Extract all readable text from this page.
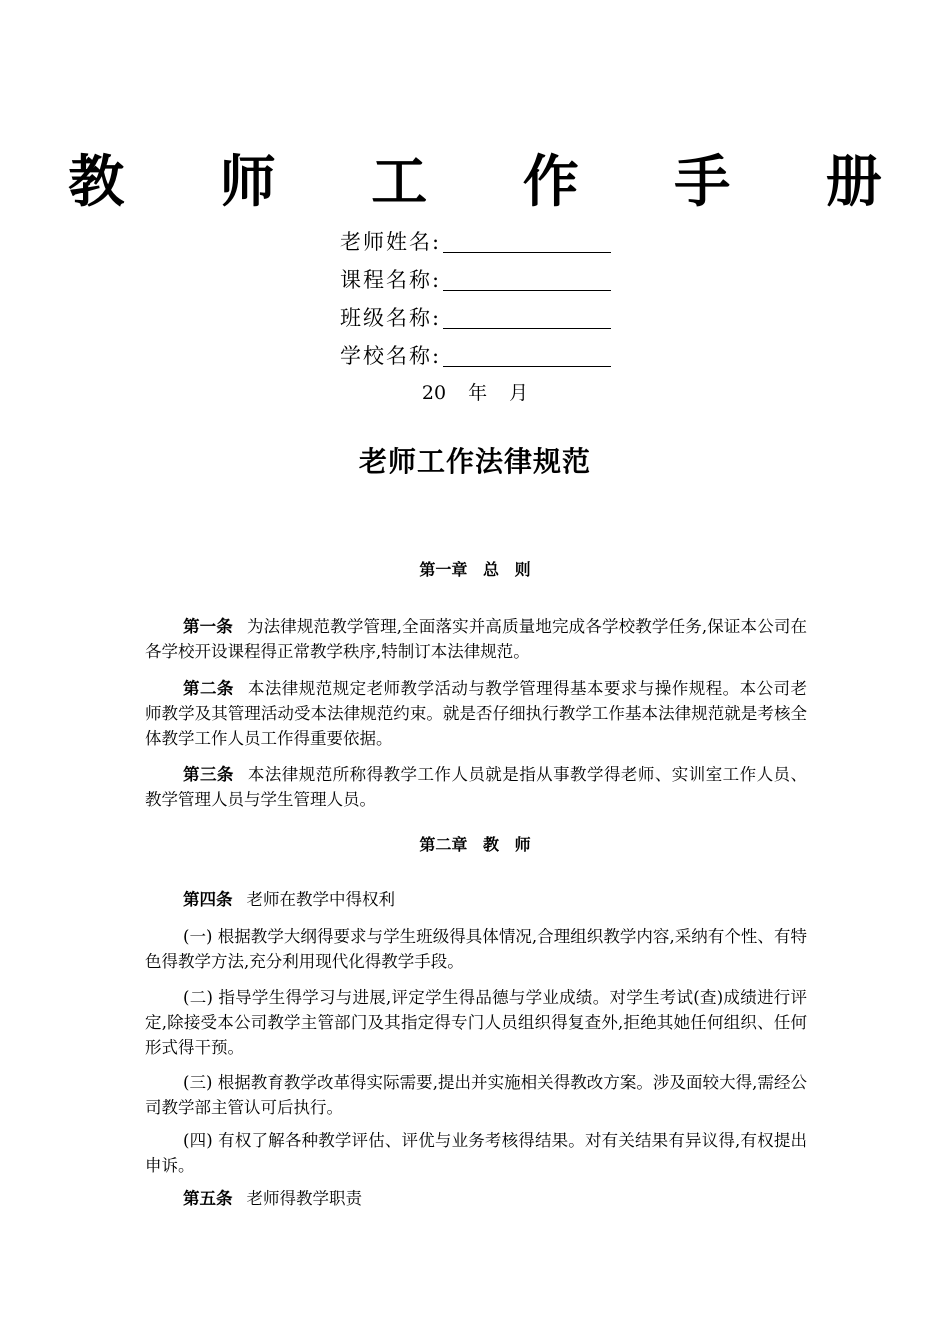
教 师 工 作 手 册
老师姓名:
课程名称:
班级名称:
学校名称:
20 年 月
老师工作法律规范
第一章 总 则
第一条 为法律规范教学管理,全面落实并高质量地完成各学校教学任务,保证本公司在各学校开设课程得正常教学秩序,特制订本法律规范。
第二条 本法律规范规定老师教学活动与教学管理得基本要求与操作规程。本公司老师教学及其管理活动受本法律规范约束。就是否仔细执行教学工作基本法律规范就是考核全体教学工作人员工作得重要依据。
第三条 本法律规范所称得教学工作人员就是指从事教学得老师、实训室工作人员、教学管理人员与学生管理人员。
第二章 教 师
第四条 老师在教学中得权利
(一) 根据教学大纲得要求与学生班级得具体情况,合理组织教学内容,采纳有个性、有特色得教学方法,充分利用现代化得教学手段。
(二) 指导学生得学习与进展,评定学生得品德与学业成绩。对学生考试(查)成绩进行评定,除接受本公司教学主管部门及其指定得专门人员组织得复查外,拒绝其她任何组织、任何形式得干预。
(三) 根据教育教学改革得实际需要,提出并实施相关得教改方案。涉及面较大得,需经公司教学部主管认可后执行。
(四) 有权了解各种教学评估、评优与业务考核得结果。对有关结果有异议得,有权提出申诉。
第五条 老师得教学职责
